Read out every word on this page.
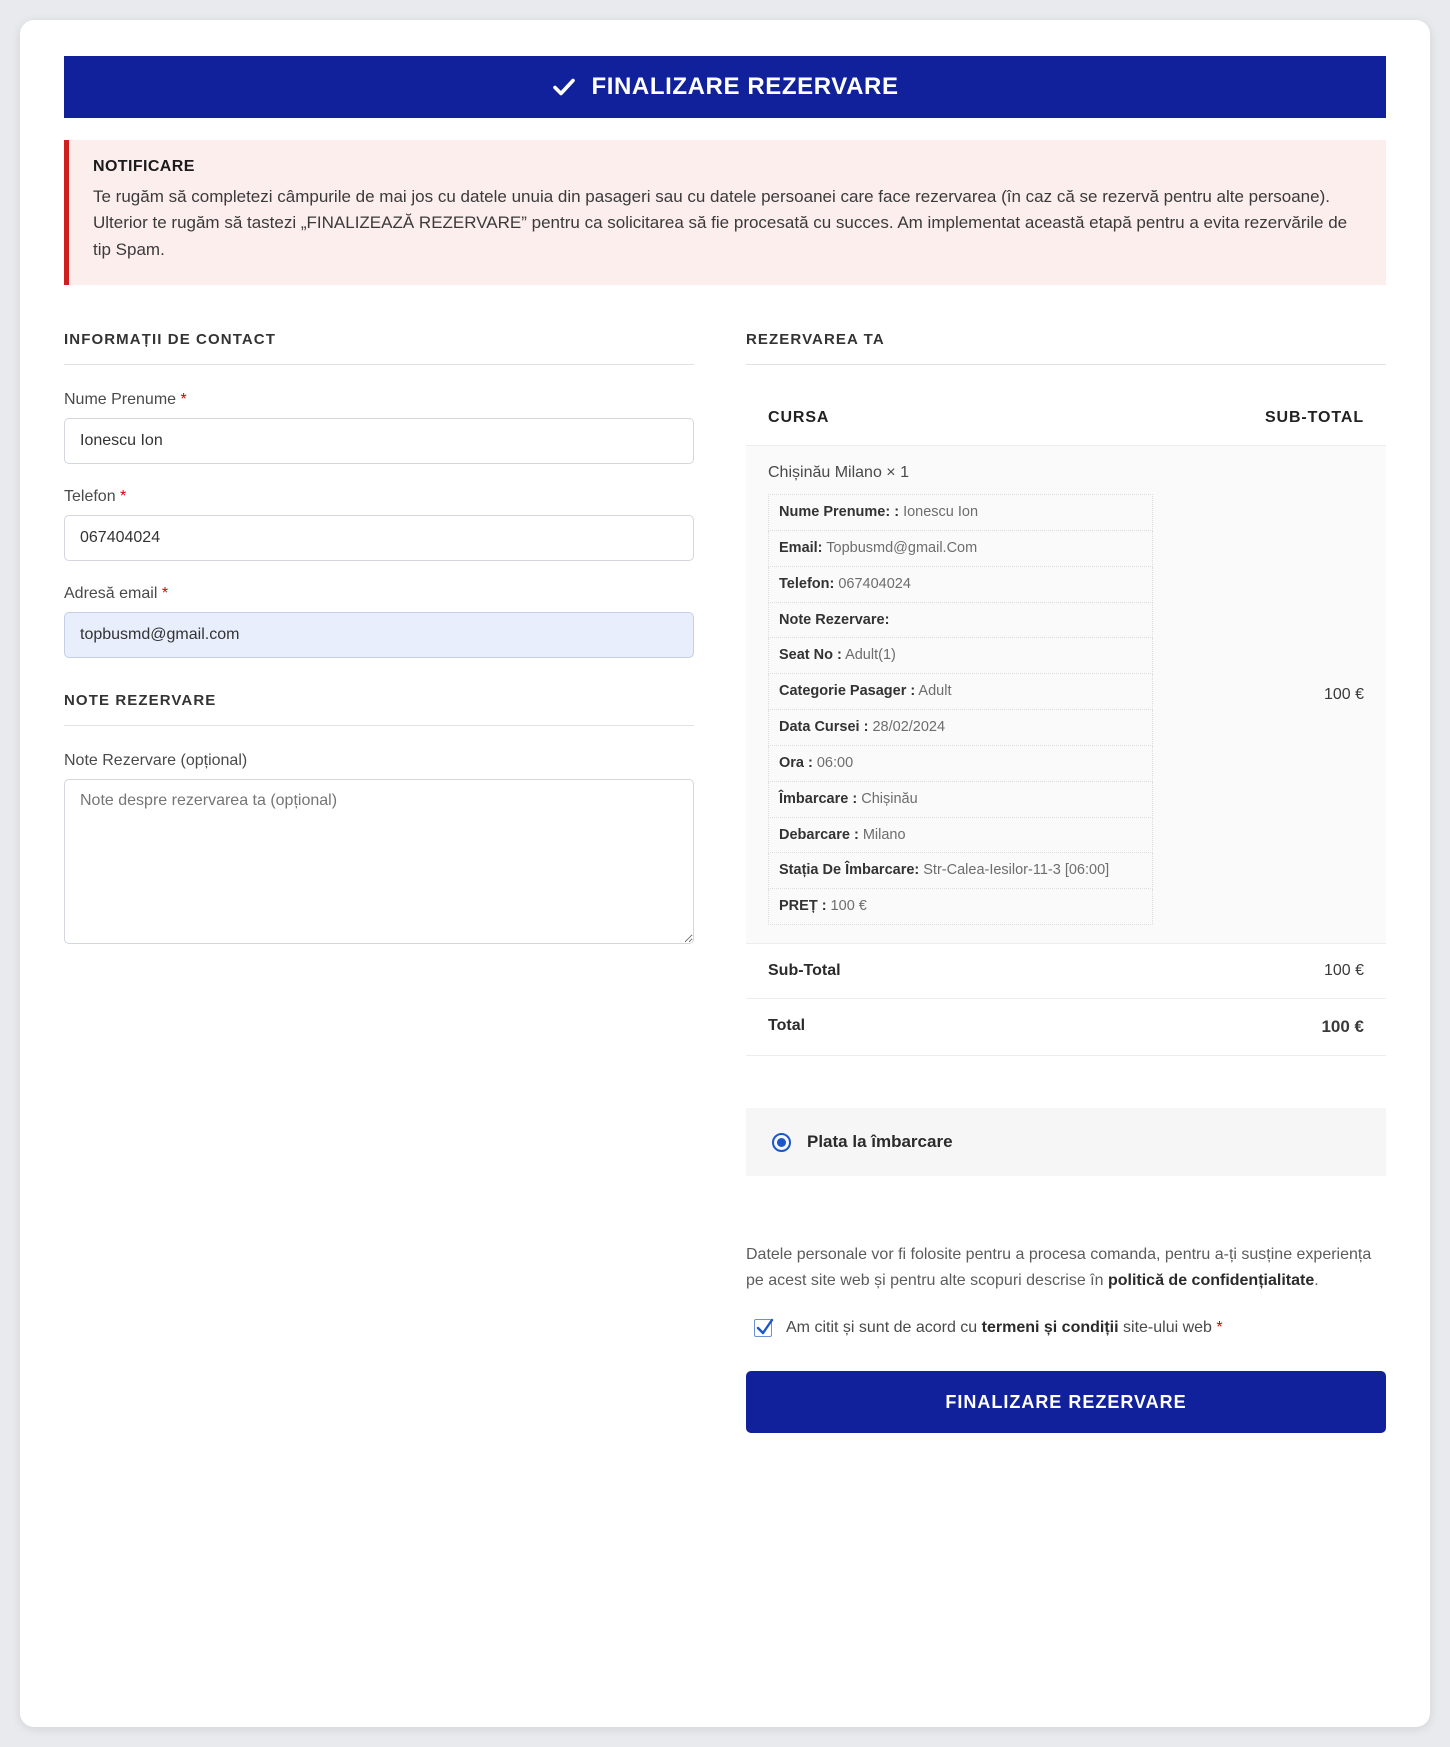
FINALIZARE REZERVARE
NOTIFICARE

Te rugăm să completezi câmpurile de mai jos cu datele unuia din pasageri sau cu datele persoanei care face rezervarea (în caz că se rezervă pentru alte persoane). Ulterior te rugăm să tastezi „FINALIZEAZĂ REZERVARE” pentru ca solicitarea să fie procesată cu succes. Am implementat această etapă pentru a evita rezervările de tip Spam.

INFORMAȚII DE CONTACT
Nume Prenume *
Ionescu Ion
Telefon *
067404024
Adresă email *
topbusmd@gmail.com
NOTE REZERVARE
Note Rezervare (opțional)
Note despre rezervarea ta (opțional)
REZERVAREA TA
CURSA	SUB-TOTAL
Chișinău Milano × 1
Nume Prenume: : Ionescu Ion
Email: Topbusmd@gmail.Com
Telefon: 067404024
Note Rezervare:
Seat No : Adult(1)
Categorie Pasager : Adult
Data Cursei : 28/02/2024
Ora : 06:00
Îmbarcare : Chișinău
Debarcare : Milano
Stația De Îmbarcare: Str-Calea-Iesilor-11-3 [06:00]
PREȚ : 100 €
100 €
Sub-Total	100 €
Total	100 €
Plata la îmbarcare
Datele personale vor fi folosite pentru a procesa comanda, pentru a-ți susține experiența pe acest site web și pentru alte scopuri descrise în politică de confidențialitate.
Am citit și sunt de acord cu termeni și condiții site-ului web *
FINALIZARE REZERVARE
